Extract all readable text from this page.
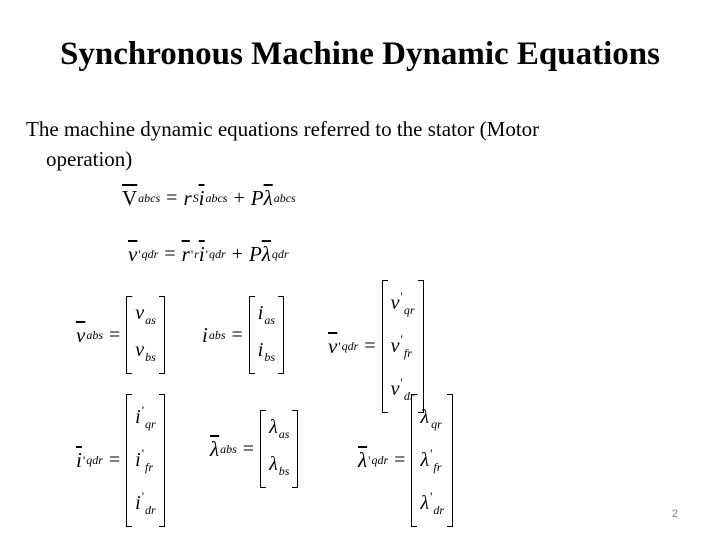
Synchronous Machine Dynamic Equations
The machine dynamic equations referred to the stator (Motor
operation)
$\overline{V}$ abcs = r S $\overline{i}$ abcs + P $\overline{\lambda}$ abcs
$\overline{v}$ ' qdr = $\overline{r}$ ' r $\overline{i}$ ' qdr + P $\overline{\lambda}$ qdr
$\overline{v}$ abs =
$v_{as}$
$v_{bs}$
i abs =
$i_{as}$
$i_{bs}$	$\overline{v}$ ' qdr =
$v'_{qr}$
$v'_{fr}$
$v'_{dr}$
$\overline{i}$ ' qdr =
$i'_{qr}$
$i'_{fr}$
$i'_{dr}$
$\overline{\lambda}$ abs =
$\lambda_{as}$
$\lambda_{bs}$	$\overline{\lambda}$ ' qdr =
λ $_{qr}$
$\lambda'_{fr}$
$\lambda'_{dr}$	2
